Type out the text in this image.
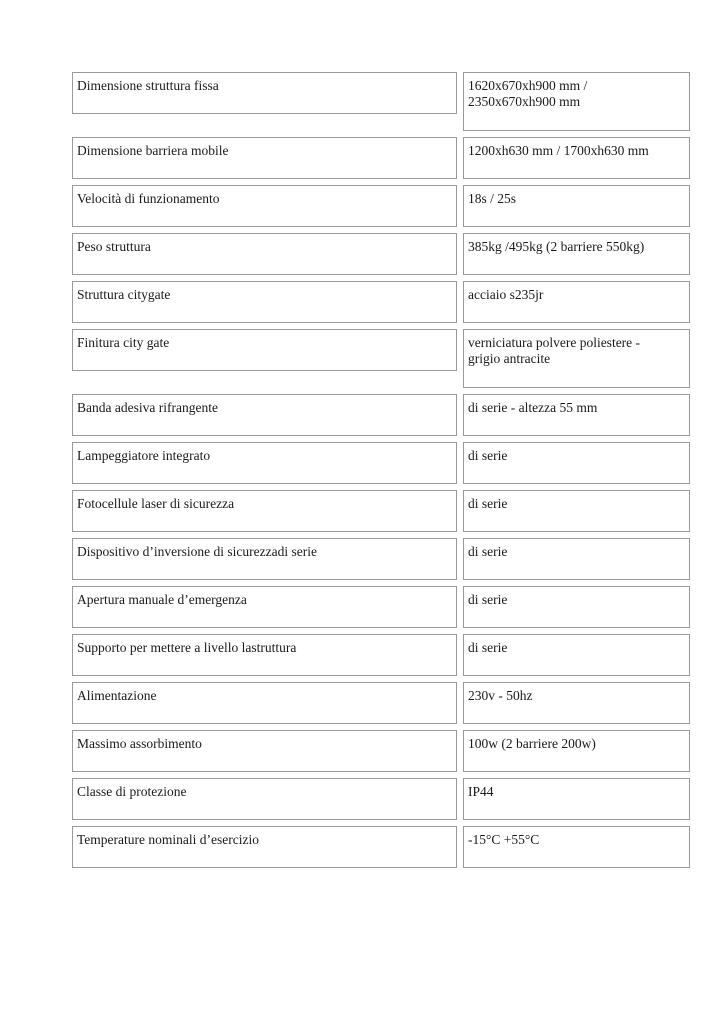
Dimensione struttura fissa	1620x670xh900 mm /
2350x670xh900 mm
Dimensione barriera mobile	1200xh630 mm / 1700xh630 mm
Velocità di funzionamento	18s / 25s
Peso struttura	385kg /495kg (2 barriere 550kg)
Struttura citygate	acciaio s235jr
Finitura city gate	verniciatura polvere poliestere -
grigio antracite
Banda adesiva rifrangente	di serie - altezza 55 mm
Lampeggiatore integrato	di serie
Fotocellule laser di sicurezza	di serie
Dispositivo d’inversione di sicurezzadi serie	di serie
Apertura manuale d’emergenza	di serie
Supporto per mettere a livello lastruttura	di serie
Alimentazione	230v - 50hz
Massimo assorbimento	100w (2 barriere 200w)
Classe di protezione	IP44
Temperature nominali d’esercizio	-15°C +55°C
